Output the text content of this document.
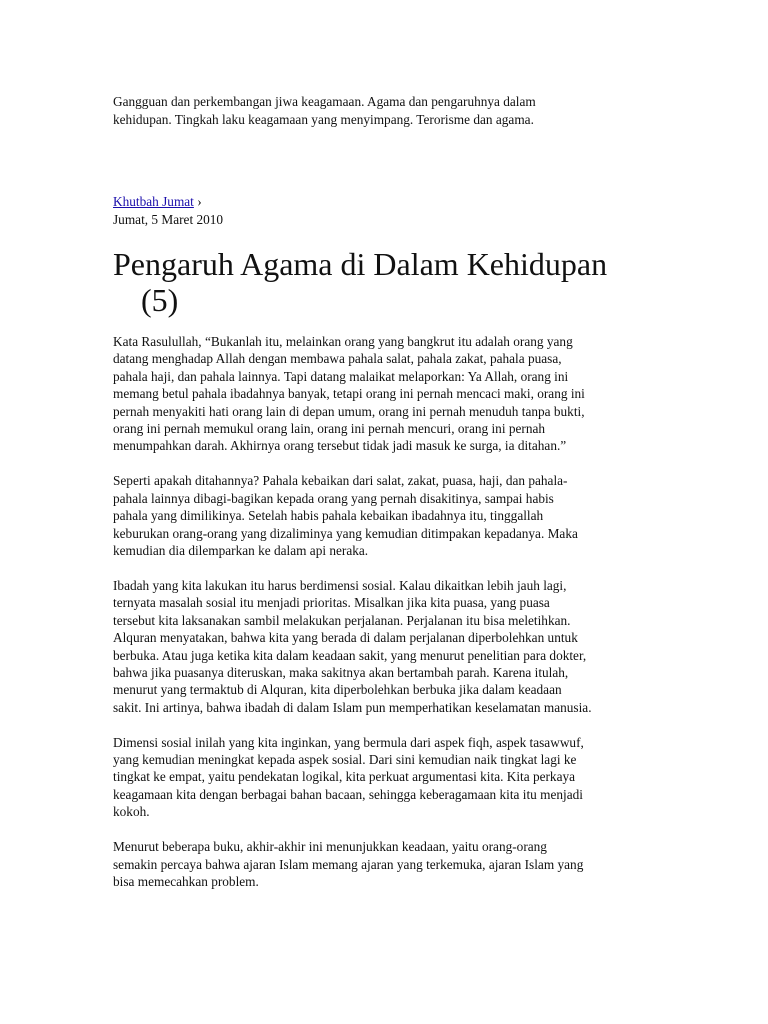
Gangguan dan perkembangan jiwa keagamaan. Agama dan pengaruhnya dalam
kehidupan. Tingkah laku keagamaan yang menyimpang. Terorisme dan agama.

Khutbah Jumat ›
Jumat, 5 Maret 2010
Pengaruh Agama di Dalam Kehidupan
(5)

Kata Rasulullah, “Bukanlah itu, melainkan orang yang bangkrut itu adalah orang yang
datang menghadap Allah dengan membawa pahala salat, pahala zakat, pahala puasa,
pahala haji, dan pahala lainnya. Tapi datang malaikat melaporkan: Ya Allah, orang ini
memang betul pahala ibadahnya banyak, tetapi orang ini pernah mencaci maki, orang ini
pernah menyakiti hati orang lain di depan umum, orang ini pernah menuduh tanpa bukti,
orang ini pernah memukul orang lain, orang ini pernah mencuri, orang ini pernah
menumpahkan darah. Akhirnya orang tersebut tidak jadi masuk ke surga, ia ditahan.”

Seperti apakah ditahannya? Pahala kebaikan dari salat, zakat, puasa, haji, dan pahala-
pahala lainnya dibagi-bagikan kepada orang yang pernah disakitinya, sampai habis
pahala yang dimilikinya. Setelah habis pahala kebaikan ibadahnya itu, tinggallah
keburukan orang-orang yang dizaliminya yang kemudian ditimpakan kepadanya. Maka
kemudian dia dilemparkan ke dalam api neraka.

Ibadah yang kita lakukan itu harus berdimensi sosial. Kalau dikaitkan lebih jauh lagi,
ternyata masalah sosial itu menjadi prioritas. Misalkan jika kita puasa, yang puasa
tersebut kita laksanakan sambil melakukan perjalanan. Perjalanan itu bisa meletihkan.
Alquran menyatakan, bahwa kita yang berada di dalam perjalanan diperbolehkan untuk
berbuka. Atau juga ketika kita dalam keadaan sakit, yang menurut penelitian para dokter,
bahwa jika puasanya diteruskan, maka sakitnya akan bertambah parah. Karena itulah,
menurut yang termaktub di Alquran, kita diperbolehkan berbuka jika dalam keadaan
sakit. Ini artinya, bahwa ibadah di dalam Islam pun memperhatikan keselamatan manusia.

Dimensi sosial inilah yang kita inginkan, yang bermula dari aspek fiqh, aspek tasawwuf,
yang kemudian meningkat kepada aspek sosial. Dari sini kemudian naik tingkat lagi ke
tingkat ke empat, yaitu pendekatan logikal, kita perkuat argumentasi kita. Kita perkaya
keagamaan kita dengan berbagai bahan bacaan, sehingga keberagamaan kita itu menjadi
kokoh.

Menurut beberapa buku, akhir-akhir ini menunjukkan keadaan, yaitu orang-orang
semakin percaya bahwa ajaran Islam memang ajaran yang terkemuka, ajaran Islam yang
bisa memecahkan problem.
